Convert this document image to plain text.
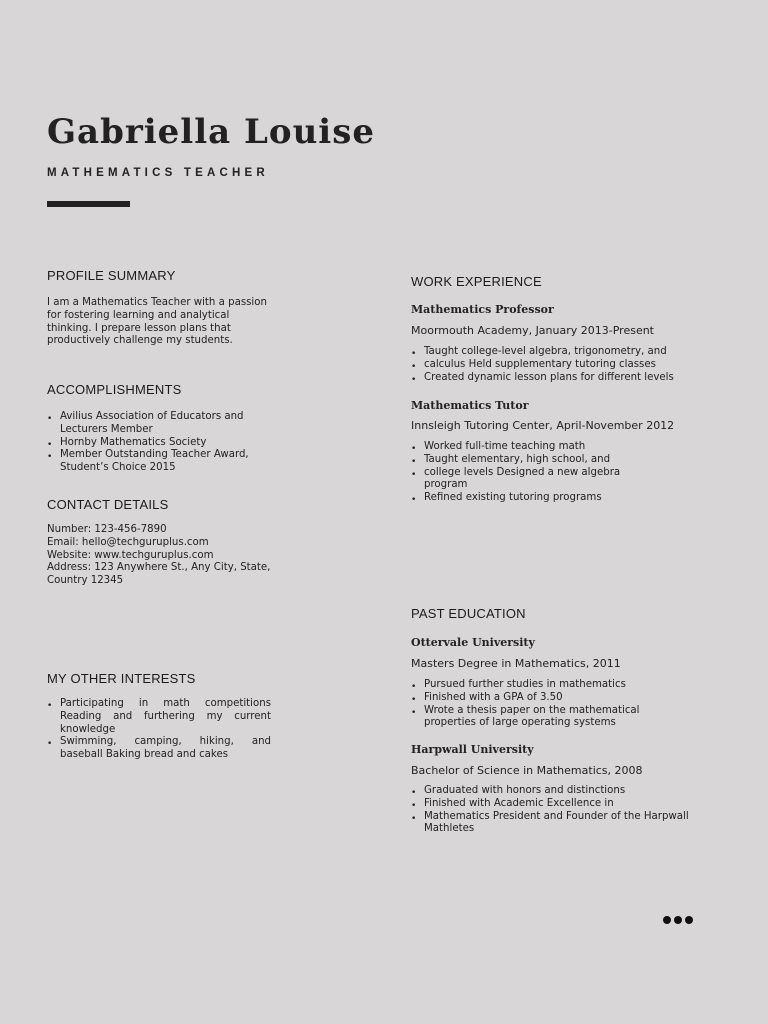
Gabriella Louise
MATHEMATICS TEACHER
PROFILE SUMMARY
I am a Mathematics Teacher with a passion for fostering learning and analytical thinking. I prepare lesson plans that productively challenge my students.
ACCOMPLISHMENTS
• Avilius Association of Educators and Lecturers Member
• Hornby Mathematics Society
• Member Outstanding Teacher Award, Student’s Choice 2015
CONTACT DETAILS
Number: 123-456-7890
Email: hello@techguruplus.com
Website: www.techguruplus.com
Address: 123 Anywhere St., Any City, State, Country 12345
MY OTHER INTERESTS
• Participating in math competitions Reading and furthering my current knowledge
• Swimming, camping, hiking, and baseball Baking bread and cakes
WORK EXPERIENCE
Mathematics Professor
Moormouth Academy, January 2013-Present
• Taught college-level algebra, trigonometry, and
• calculus Held supplementary tutoring classes
• Created dynamic lesson plans for different levels
Mathematics Tutor
Innsleigh Tutoring Center, April-November 2012
• Worked full-time teaching math
• Taught elementary, high school, and
• college levels Designed a new algebra program
• Refined existing tutoring programs
PAST EDUCATION
Ottervale University
Masters Degree in Mathematics, 2011
• Pursued further studies in mathematics
• Finished with a GPA of 3.50
• Wrote a thesis paper on the mathematical properties of large operating systems
Harpwall University
Bachelor of Science in Mathematics, 2008
• Graduated with honors and distinctions
• Finished with Academic Excellence in
• Mathematics President and Founder of the Harpwall Mathletes
